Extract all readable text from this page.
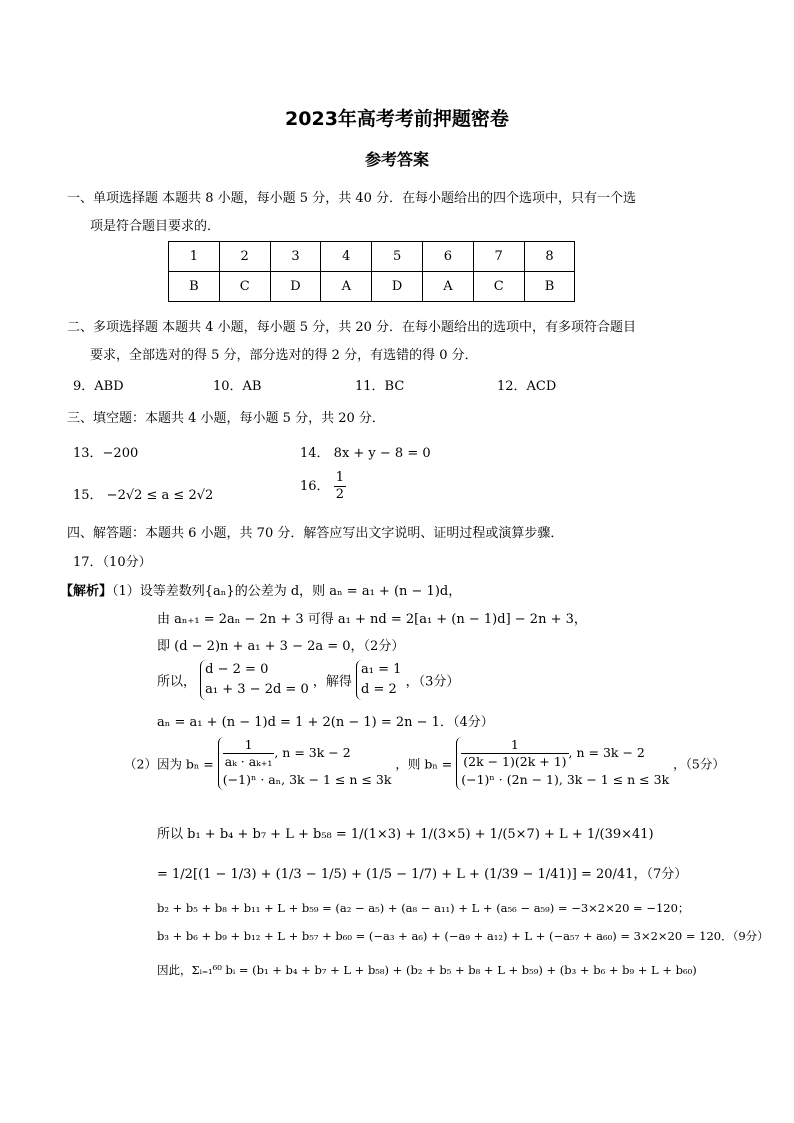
2023年高考考前押题密卷
参考答案
一、单项选择题 本题共 8 小题，每小题 5 分，共 40 分．在每小题给出的四个选项中，只有一个选
项是符合题目要求的．
1	2	3	4	5	6	7	8
B	C	D	A	D	A	C	B
二、多项选择题 本题共 4 小题，每小题 5 分，共 20 分．在每小题给出的选项中，有多项符合题目
要求，全部选对的得 5 分，部分选对的得 2 分，有选错的得 0 分．
9．ABD	10．AB	11．BC	12．ACD
三、填空题：本题共 4 小题，每小题 5 分，共 20 分．
13．−200	14． 8x + y − 8 = 0
15． −2√2 ≤ a ≤ 2√2
16． $\frac{1}{2}$
四、解答题：本题共 6 小题，共 70 分．解答应写出文字说明、证明过程或演算步骤．
17．（10分）
【解析】（1）设等差数列{aₙ}的公差为 d，则 aₙ = a₁ + (n − 1)d，
由 aₙ₊₁ = 2aₙ − 2n + 3 可得 a₁ + nd = 2[a₁ + (n − 1)d] − 2n + 3，
即 (d − 2)n + a₁ + 3 − 2a = 0，（2分）
所以，
d − 2 = 0
a₁ + 3 − 2d = 0 ，解得
a₁ = 1
d = 2 ，（3分）
aₙ = a₁ + (n − 1)d = 1 + 2(n − 1) = 2n − 1．（4分）
（2）因为 $b_n = \frac{1}{\text{aₖ · aₖ₊₁}}$ , n = 3k − 2
(−1)ⁿ · aₙ, 3k − 1 ≤ n ≤ 3k
，则 $b_n = \frac{1}{(2k - 1)(2k + 1)}$ , n = 3k − 2
(−1)ⁿ · (2n − 1), 3k − 1 ≤ n ≤ 3k
，（5分）
所以 b₁ + b₄ + b₇ + L + b₅₈ = 1/(1×3) + 1/(3×5) + 1/(5×7) + L + 1/(39×41)
= 1/2[(1 − 1/3) + (1/3 − 1/5) + (1/5 − 1/7) + L + (1/39 − 1/41)] = 20/41，（7分）
b₂ + b₅ + b₈ + b₁₁ + L + b₅₉ = (a₂ − a₅) + (a₈ − a₁₁) + L + (a₅₆ − a₅₉) = −3×2×20 = −120；
b₃ + b₆ + b₉ + b₁₂ + L + b₅₇ + b₆₀ = (−a₃ + a₆) + (−a₉ + a₁₂) + L + (−a₅₇ + a₆₀) = 3×2×20 = 120．（9分）
因此，Σᵢ₌₁⁶⁰ bᵢ = (b₁ + b₄ + b₇ + L + b₅₈) + (b₂ + b₅ + b₈ + L + b₅₉) + (b₃ + b₆ + b₉ + L + b₆₀)
